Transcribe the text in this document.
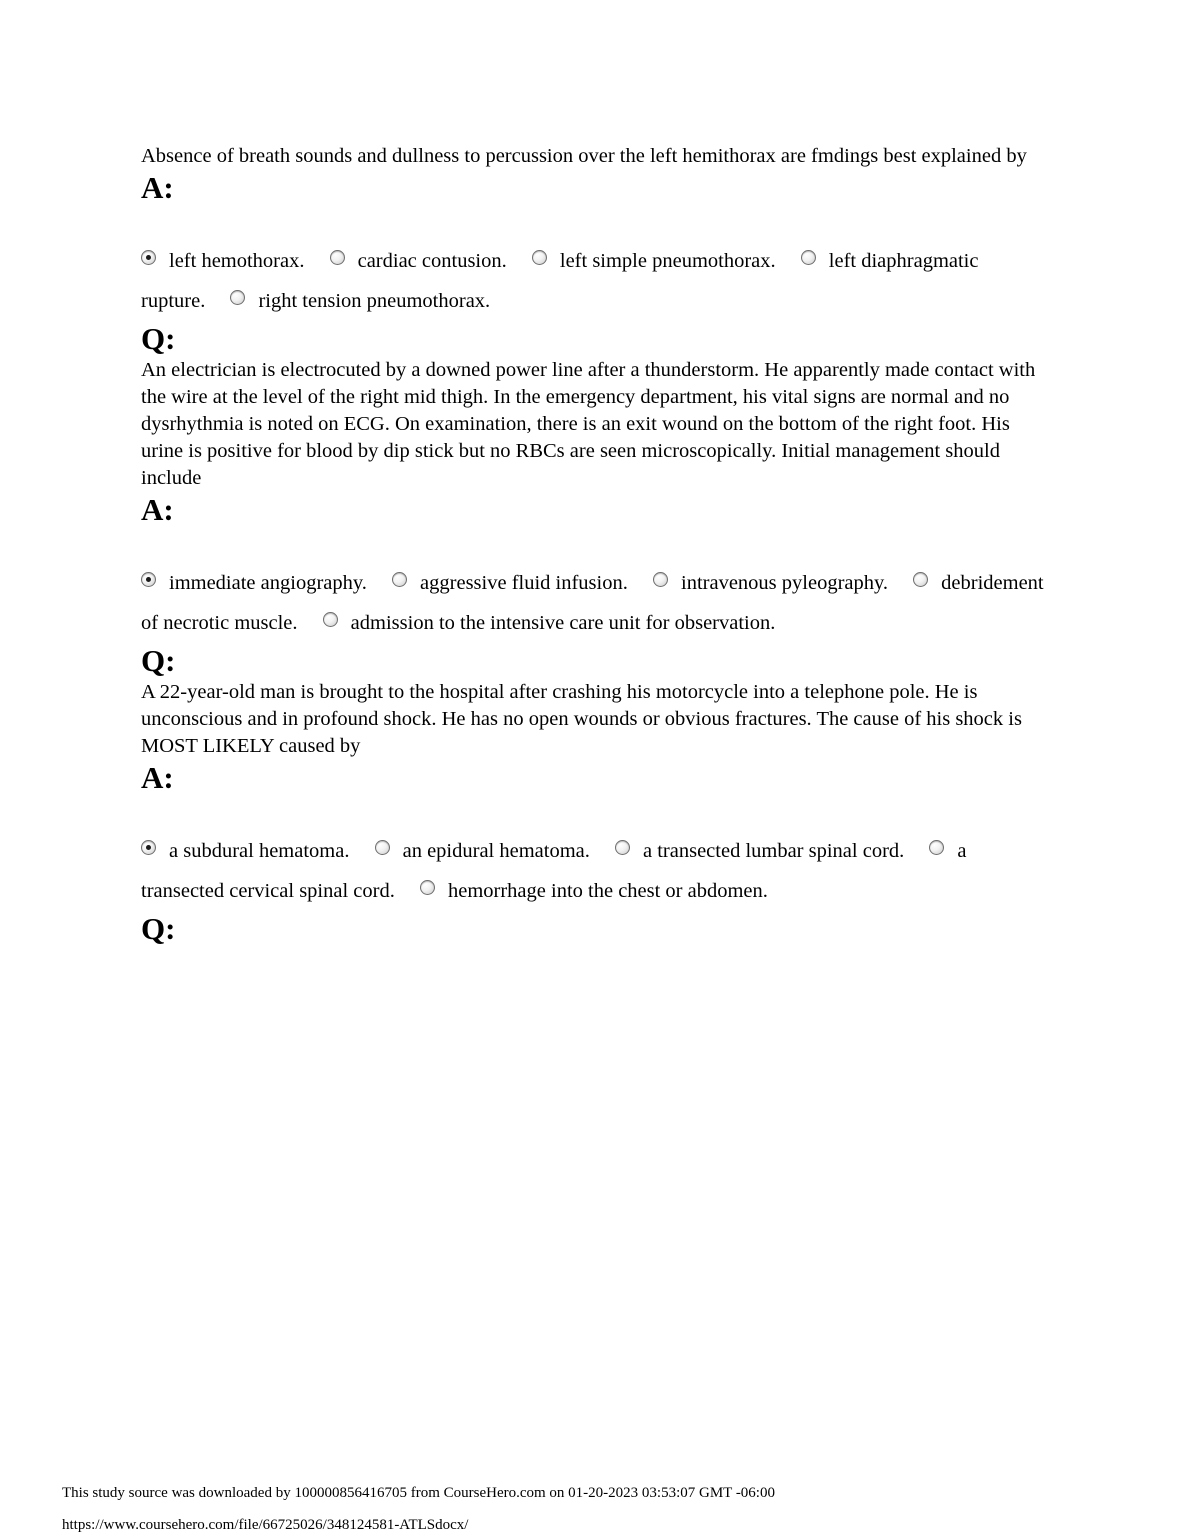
Absence of breath sounds and dullness to percussion over the left hemithorax are fmdings best explained by

A:

left hemothorax.	cardiac contusion.	left simple pneumothorax.	left diaphragmatic rupture.	right tension pneumothorax.

Q:

An electrician is electrocuted by a downed power line after a thunderstorm. He apparently made contact with the wire at the level of the right mid thigh. In the emergency department, his vital signs are normal and no dysrhythmia is noted on ECG. On examination, there is an exit wound on the bottom of the right foot. His urine is positive for blood by dip stick but no RBCs are seen microscopically. Initial management should include

A:

immediate angiography.	aggressive fluid infusion.	intravenous pyleography.	debridement of necrotic muscle.	admission to the intensive care unit for observation.

Q:

A 22-year-old man is brought to the hospital after crashing his motorcycle into a telephone pole. He is unconscious and in profound shock. He has no open wounds or obvious fractures. The cause of his shock is MOST LIKELY caused by

A:

a subdural hematoma.	an epidural hematoma.	a transected lumbar spinal cord.	a transected cervical spinal cord.	hemorrhage into the chest or abdomen.

Q:
This study source was downloaded by 100000856416705 from CourseHero.com on 01-20-2023 03:53:07 GMT -06:00
https://www.coursehero.com/file/66725026/348124581-ATLSdocx/
